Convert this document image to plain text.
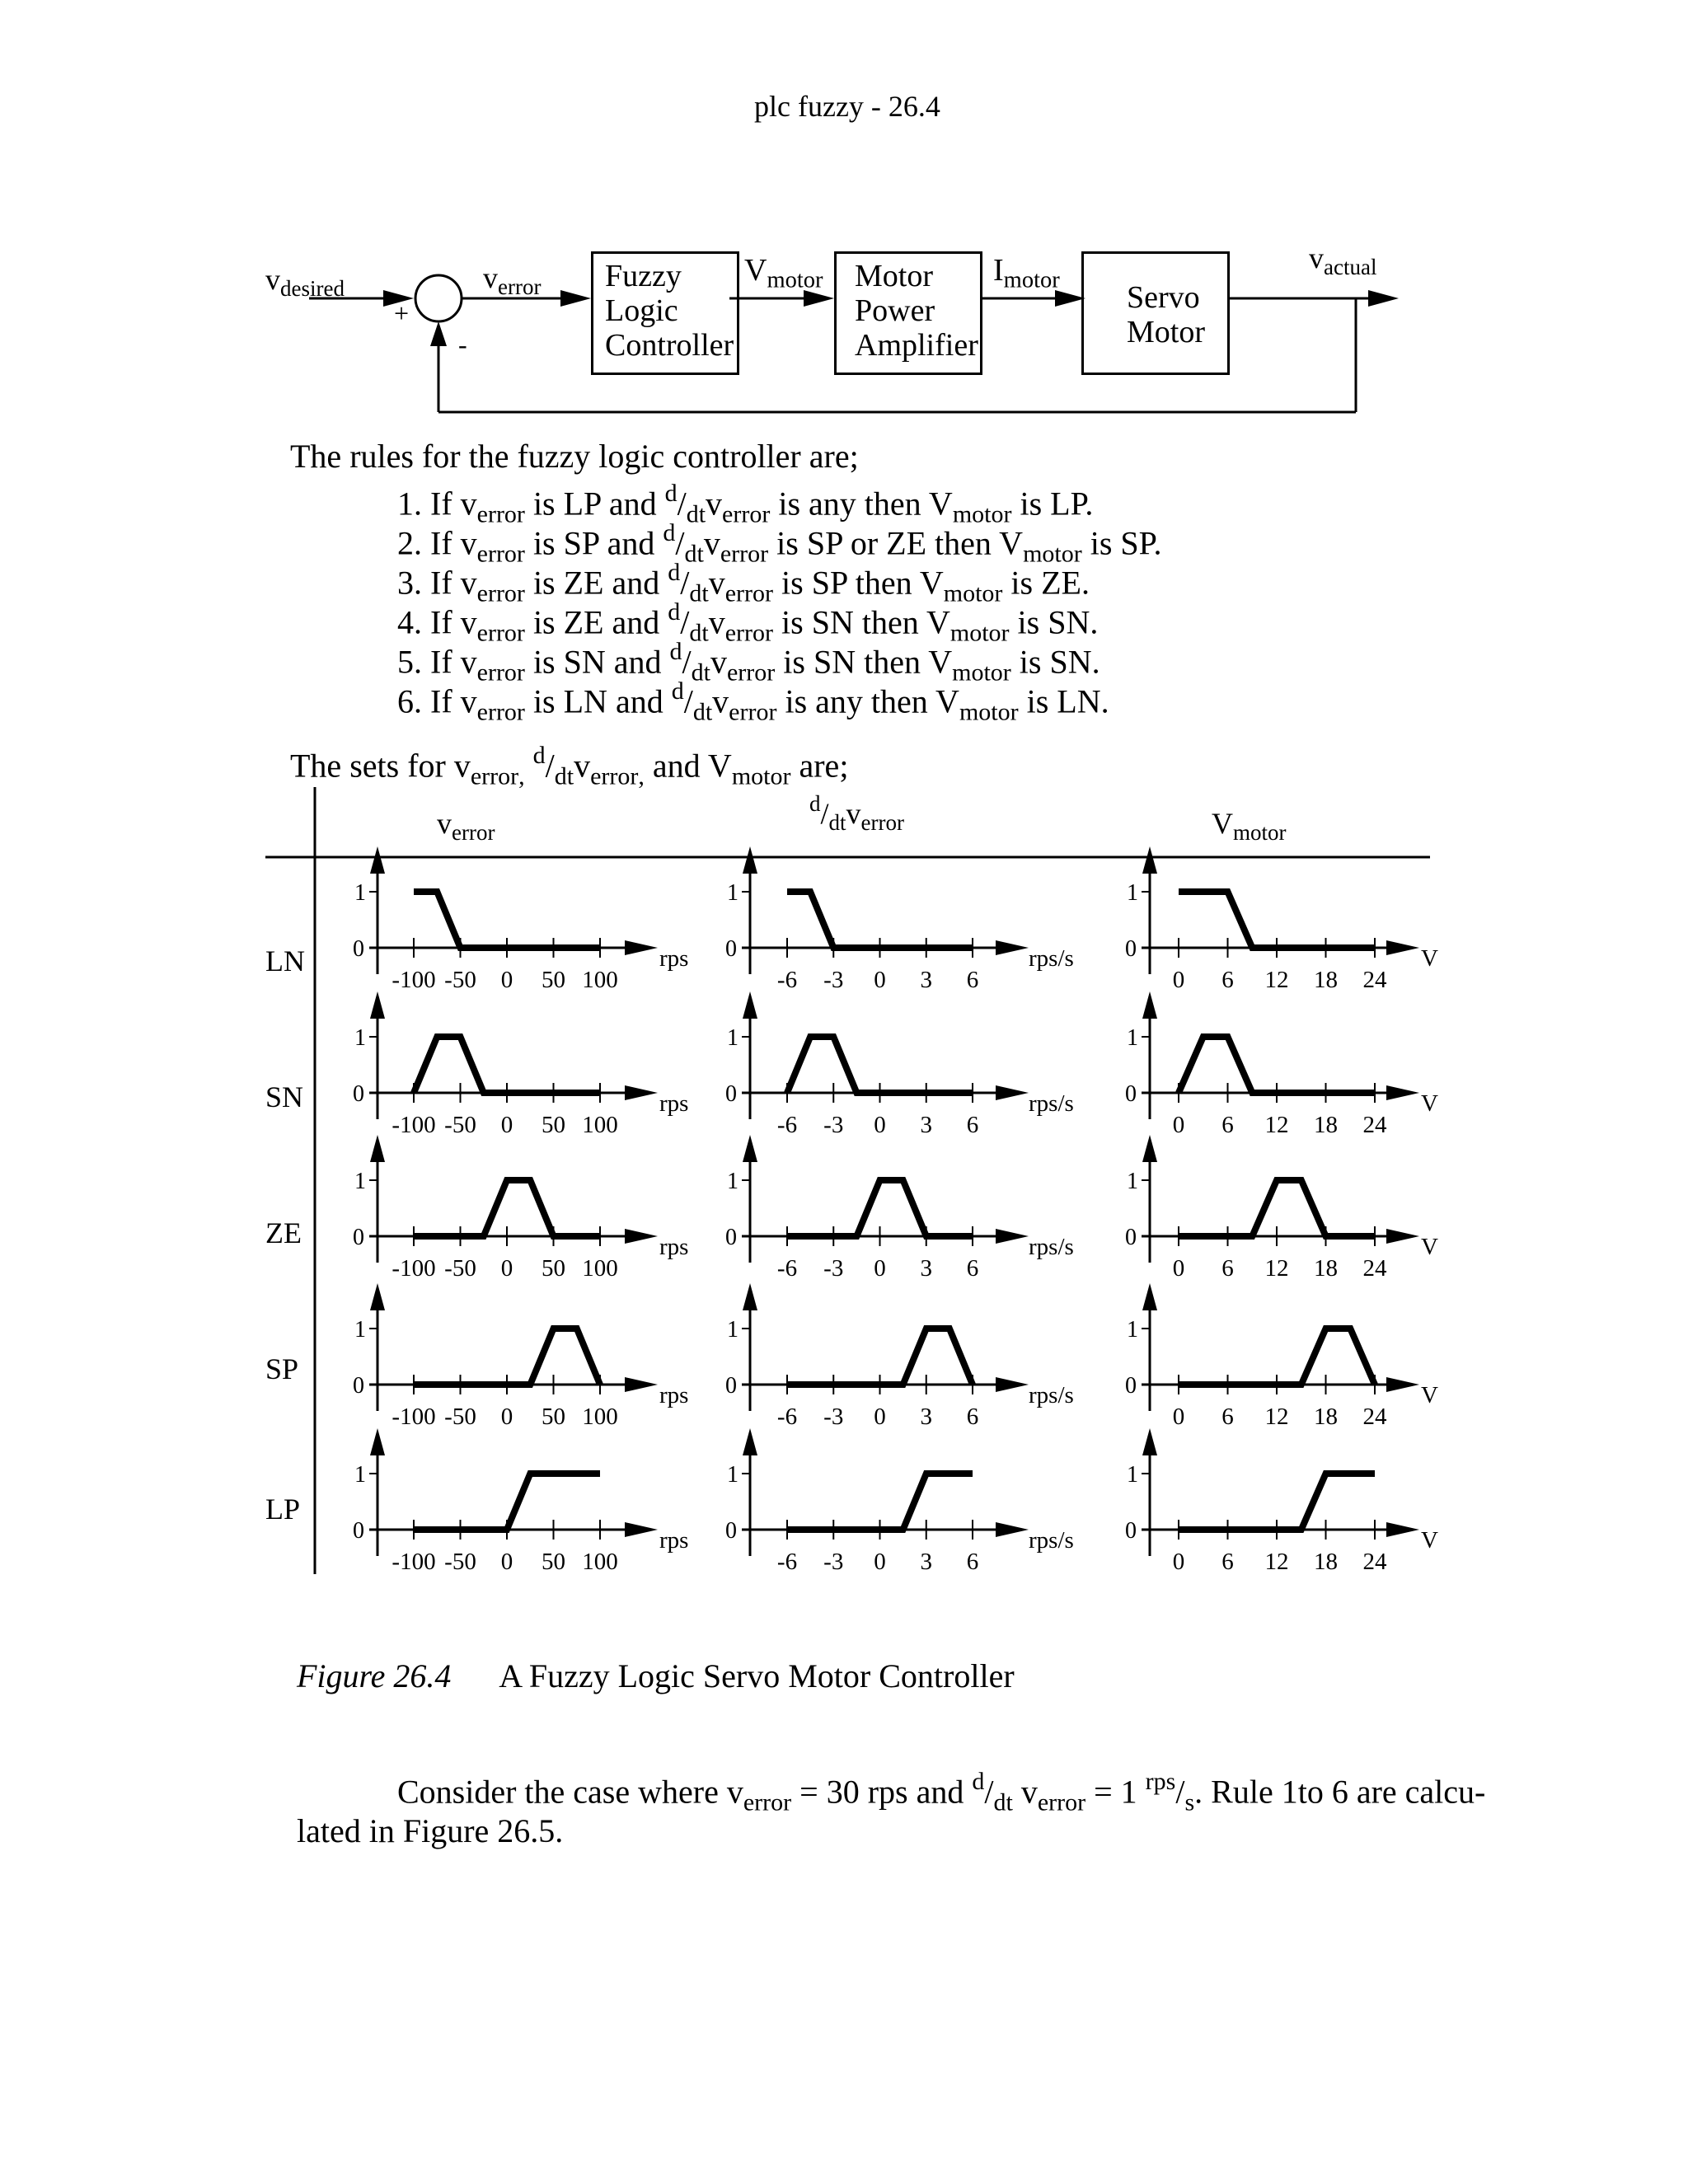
plc fuzzy - 26.4
$v_{desired}$
+
-
$v_{error}$ Fuzzy
Logic
Controller
$V_{motor}$ Motor
Power
Amplifier
$I_{motor}$ Servo
Motor
$v_{actual}$
The rules for the fuzzy logic controller are;
1. If $v_{error}$ is LP and $^d/_{dt}v_{error}$ is any then $V_{motor}$ is LP.
2. If $v_{error}$ is SP and $^d/_{dt}v_{error}$ is SP or ZE then $V_{motor}$ is SP.
3. If $v_{error}$ is ZE and $^d/_{dt}v_{error}$ is SP then $V_{motor}$ is ZE.
4. If $v_{error}$ is ZE and $^d/_{dt}v_{error}$ is SN then $V_{motor}$ is SN.
5. If $v_{error}$ is SN and $^d/_{dt}v_{error}$ is SN then $V_{motor}$ is SN.
6. If $v_{error}$ is LN and $^d/_{dt}v_{error}$ is any then $V_{motor}$ is LN.
The sets for $v_{error,}$ $^d/_{dt}v_{error,}$ and $V_{motor}$ are;
$v_{error}$
$^d/_{dt}v_{error}$	$V_{motor}$
LN
SN
ZE
SP
LP
1
0
-100 -50 0 50 100
rps
1
0
-6 -3 0 3 6
rps/s
1
0
0 6 12 18 24
V
1
0
-100 -50 0 50 100
rps
1
0
-6 -3 0 3 6
rps/s
1
0
0 6 12 18 24
V
1
0
-100 -50 0 50 100
rps
1
0
-6 -3 0 3 6
rps/s
1
0
0 6 12 18 24
V
1
0
-100 -50 0 50 100
rps
1
0
-6 -3 0 3 6
rps/s
1
0
0 6 12 18 24
V
1
0
-100 -50 0 50 100
rps
1
0
-6 -3 0 3 6
rps/s
1
0
0 6 12 18 24
V
Figure 26.4 A Fuzzy Logic Servo Motor Controller
Consider the case where $v_{error} = 30$ rps and $^d/_{dt}$ $v_{error} = 1$ $^{rps}/_s$. Rule 1to 6 are calcu-
lated in Figure 26.5.
